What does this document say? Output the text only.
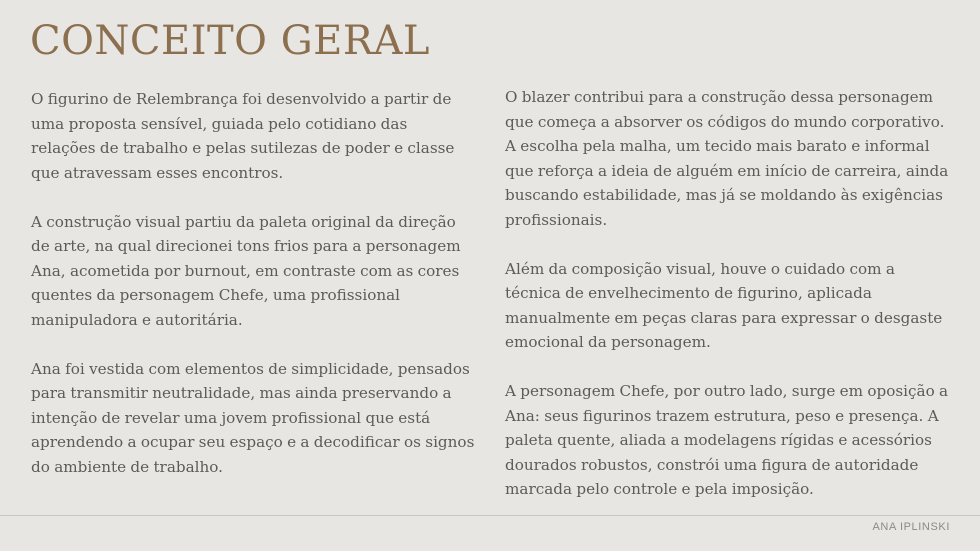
CONCEITO GERAL

O figurino de Relembrança foi desenvolvido a partir de uma proposta sensível, guiada pelo cotidiano das relações de trabalho e pelas sutilezas de poder e classe que atravessam esses encontros.

A construção visual partiu da paleta original da direção de arte, na qual direcionei tons frios para a personagem Ana, acometida por burnout, em contraste com as cores quentes da personagem Chefe, uma profissional manipuladora e autoritária.

Ana foi vestida com elementos de simplicidade, pensados para transmitir neutralidade, mas ainda preservando a intenção de revelar uma jovem profissional que está aprendendo a ocupar seu espaço e a decodificar os signos do ambiente de trabalho.

O blazer contribui para a construção dessa personagem que começa a absorver os códigos do mundo corporativo. A escolha pela malha, um tecido mais barato e informal que reforça a ideia de alguém em início de carreira, ainda buscando estabilidade, mas já se moldando às exigências profissionais.

Além da composição visual, houve o cuidado com a técnica de envelhecimento de figurino, aplicada manualmente em peças claras para expressar o desgaste emocional da personagem.

A personagem Chefe, por outro lado, surge em oposição a Ana: seus figurinos trazem estrutura, peso e presença. A paleta quente, aliada a modelagens rígidas e acessórios dourados robustos, constrói uma figura de autoridade marcada pelo controle e pela imposição.

ANA IPLINSKI
